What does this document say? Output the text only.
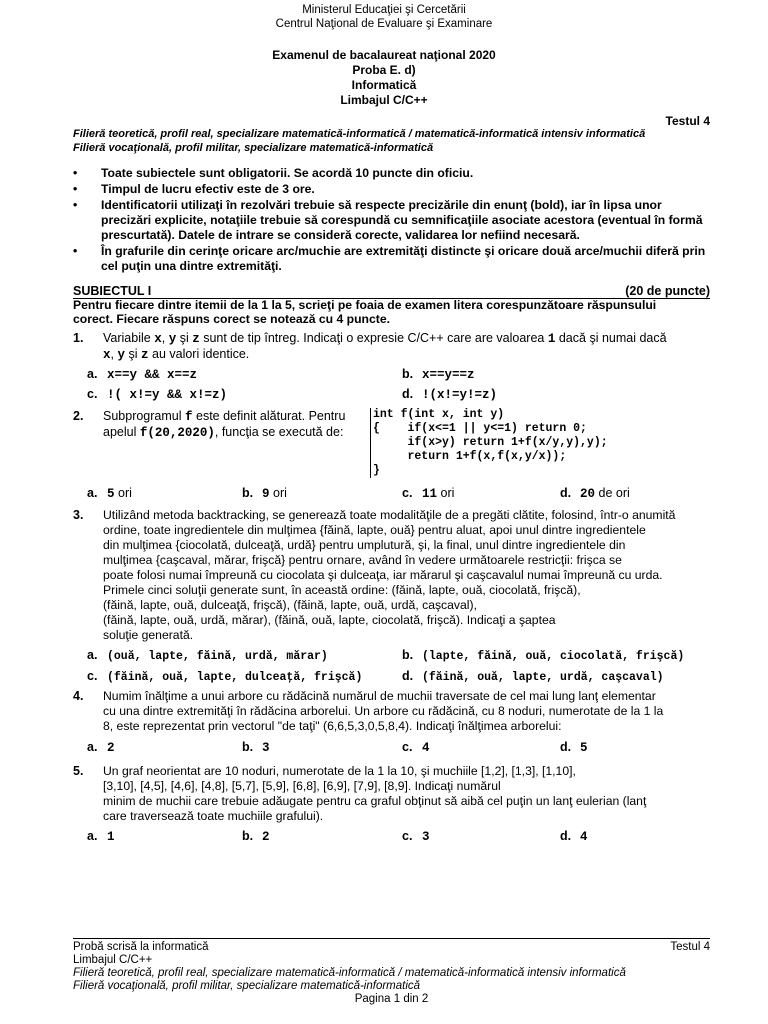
Ministerul Educaţiei şi Cercetării
Centrul Naţional de Evaluare şi Examinare
Examenul de bacalaureat naţional 2020
Proba E. d)
Informatică
Limbajul C/C++
Testul 4
Filieră teoretică, profil real, specializare matematică-informatică / matematică-informatică intensiv informatică
Filieră vocaţională, profil militar, specializare matematică-informatică
•	Toate subiectele sunt obligatorii. Se acordă 10 puncte din oficiu.
•	Timpul de lucru efectiv este de 3 ore.
•	Identificatorii utilizaţi în rezolvări trebuie să respecte precizările din enunţ (bold), iar în lipsa unor precizări explicite, notaţiile trebuie să corespundă cu semnificaţiile asociate acestora (eventual în formă prescurtată). Datele de intrare se consideră corecte, validarea lor nefiind necesară.
•	În grafurile din cerinţe oricare arc/muchie are extremităţi distincte şi oricare două arce/muchii diferă prin cel puţin una dintre extremităţi.
SUBIECTUL I	(20 de puncte)
Pentru fiecare dintre itemii de la 1 la 5, scrieţi pe foaia de examen litera corespunzătoare răspunsului
corect. Fiecare răspuns corect se notează cu 4 puncte.
1. Variabile x, y şi z sunt de tip întreg. Indicaţi o expresie C/C++ care are valoarea 1 dacă şi numai dacă
x, y şi z au valori identice.
a. x==y && x==z	b. x==y==z
c. !( x!=y && x!=z)	d. !(x!=y!=z)
2. Subprogramul f este definit alăturat. Pentru
apelul f(20,2020), funcţia se execută de:
int f(int x, int y)
{    if(x<=1 || y<=1) return 0;
if(x>y) return 1+f(x/y,y),y);
return 1+f(x,f(x,y/x));
}
a. 5 ori	b. 9 ori	c. 11 ori	d. 20 de ori
3. Utilizând metoda backtracking, se generează toate modalităţile de a pregăti clătite, folosind, într-o anumită
ordine, toate ingredientele din mulţimea {făină, lapte, ouă} pentru aluat, apoi unul dintre ingredientele
din mulţimea {ciocolată, dulceaţă, urdă} pentru umplutură, şi, la final, unul dintre ingredientele din
mulţimea {caşcaval, mărar, frişcă} pentru ornare, având în vedere următoarele restricţii: frişca se
poate folosi numai împreună cu ciocolata şi dulceaţa, iar mărarul şi caşcavalul numai împreună cu urda.
Primele cinci soluţii generate sunt, în această ordine: (făină, lapte, ouă, ciocolată, frişcă),
(făină, lapte, ouă, dulceaţă, frişcă), (făină, lapte, ouă, urdă, caşcaval),
(făină, lapte, ouă, urdă, mărar), (făină, ouă, lapte, ciocolată, frişcă). Indicaţi a şaptea
soluţie generată.
a. (ouă, lapte, făină, urdă, mărar)	b. (lapte, făină, ouă, ciocolată, frişcă)
c. (făină, ouă, lapte, dulceaţă, frişcă)	d. (făină, ouă, lapte, urdă, caşcaval)
4. Numim înălţime a unui arbore cu rădăcină numărul de muchii traversate de cel mai lung lanţ elementar
cu una dintre extremităţi în rădăcina arborelui. Un arbore cu rădăcină, cu 8 noduri, numerotate de la 1 la
8, este reprezentat prin vectorul "de taţi" (6,6,5,3,0,5,8,4). Indicaţi înălţimea arborelui:
a. 2	b. 3	c. 4	d. 5
5. Un graf neorientat are 10 noduri, numerotate de la 1 la 10, şi muchiile [1,2], [1,3], [1,10],
[3,10], [4,5], [4,6], [4,8], [5,7], [5,9], [6,8], [6,9], [7,9], [8,9]. Indicaţi numărul
minim de muchii care trebuie adăugate pentru ca graful obţinut să aibă cel puţin un lanţ eulerian (lanţ
care traversează toate muchiile grafului).
a. 1	b. 2	c. 3	d. 4
Probă scrisă la informatică	Testul 4
Limbajul C/C++
Filieră teoretică, profil real, specializare matematică-informatică / matematică-informatică intensiv informatică
Filieră vocaţională, profil militar, specializare matematică-informatică
Pagina 1 din 2
